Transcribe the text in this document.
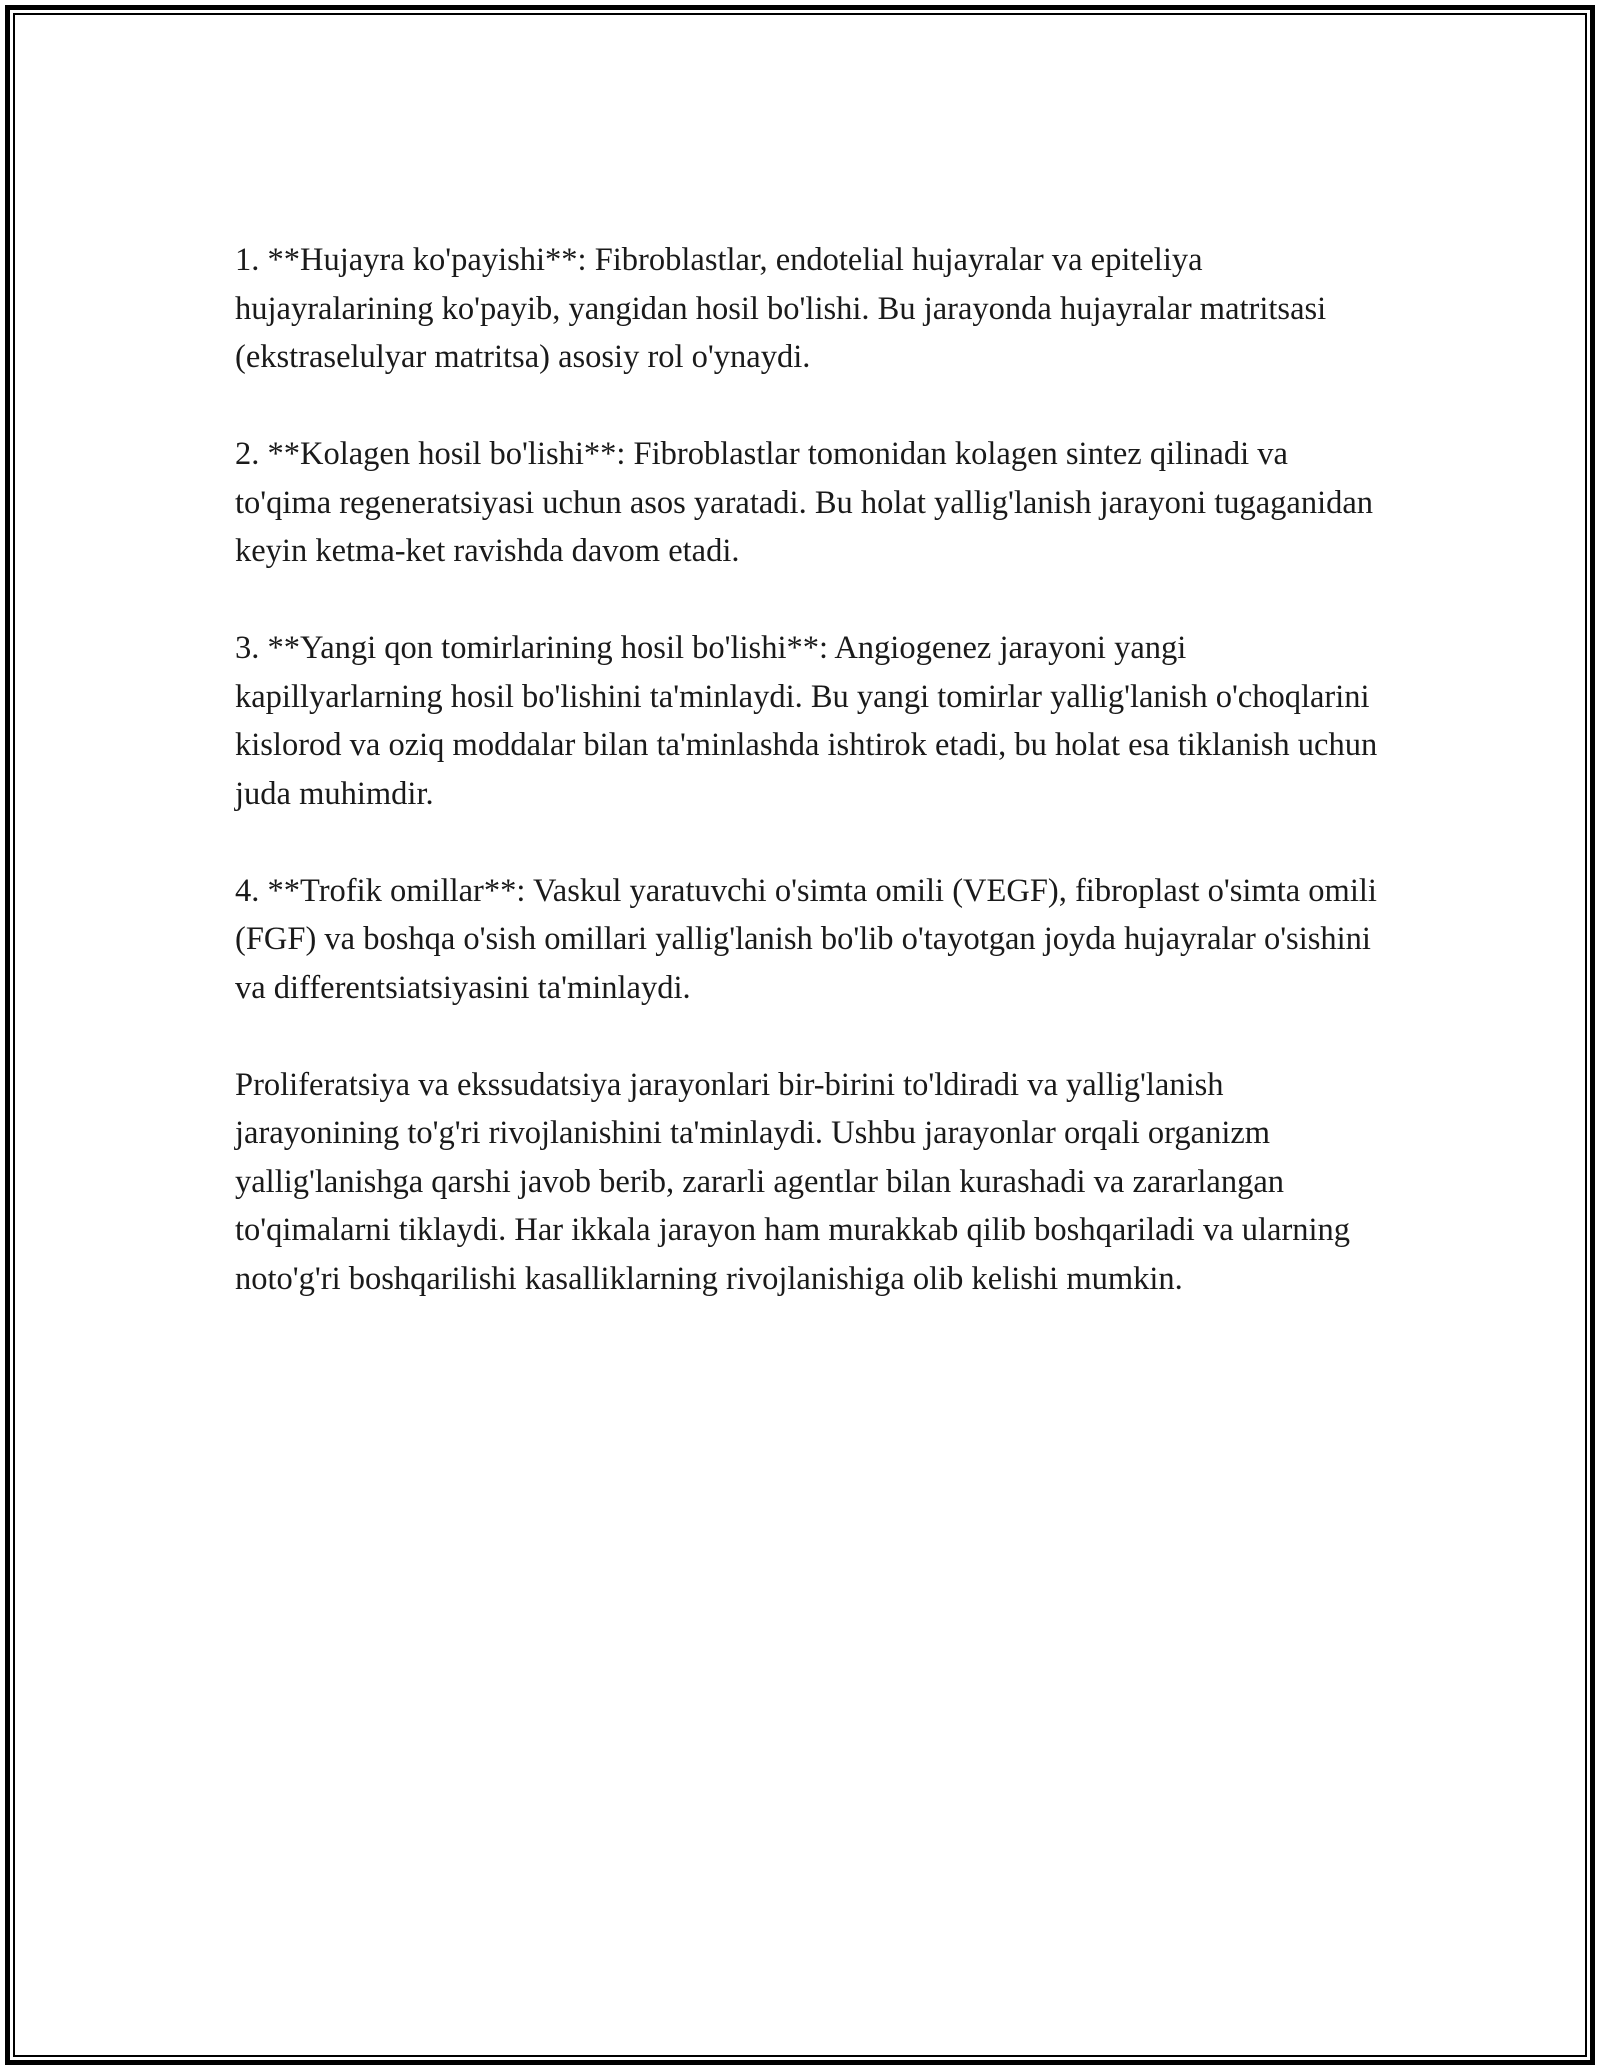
1. **Hujayra ko'payishi**: Fibroblastlar, endotelial hujayralar va epiteliya hujayralarining ko'payib, yangidan hosil bo'lishi. Bu jarayonda hujayralar matritsasi (ekstraselulyar matritsa) asosiy rol o'ynaydi.

2. **Kolagen hosil bo'lishi**: Fibroblastlar tomonidan kolagen sintez qilinadi va to'qima regeneratsiyasi uchun asos yaratadi. Bu holat yallig'lanish jarayoni tugaganidan keyin ketma-ket ravishda davom etadi.

3. **Yangi qon tomirlarining hosil bo'lishi**: Angiogenez jarayoni yangi kapillyarlarning hosil bo'lishini ta'minlaydi. Bu yangi tomirlar yallig'lanish o'choqlarini kislorod va oziq moddalar bilan ta'minlashda ishtirok etadi, bu holat esa tiklanish uchun juda muhimdir.

4. **Trofik omillar**: Vaskul yaratuvchi o'simta omili (VEGF), fibroplast o'simta omili (FGF) va boshqa o'sish omillari yallig'lanish bo'lib o'tayotgan joyda hujayralar o'sishini va differentsiatsiyasini ta'minlaydi.

Proliferatsiya va ekssudatsiya jarayonlari bir-birini to'ldiradi va yallig'lanish jarayonining to'g'ri rivojlanishini ta'minlaydi. Ushbu jarayonlar orqali organizm yallig'lanishga qarshi javob berib, zararli agentlar bilan kurashadi va zararlangan to'qimalarni tiklaydi. Har ikkala jarayon ham murakkab qilib boshqariladi va ularning noto'g'ri boshqarilishi kasalliklarning rivojlanishiga olib kelishi mumkin.
